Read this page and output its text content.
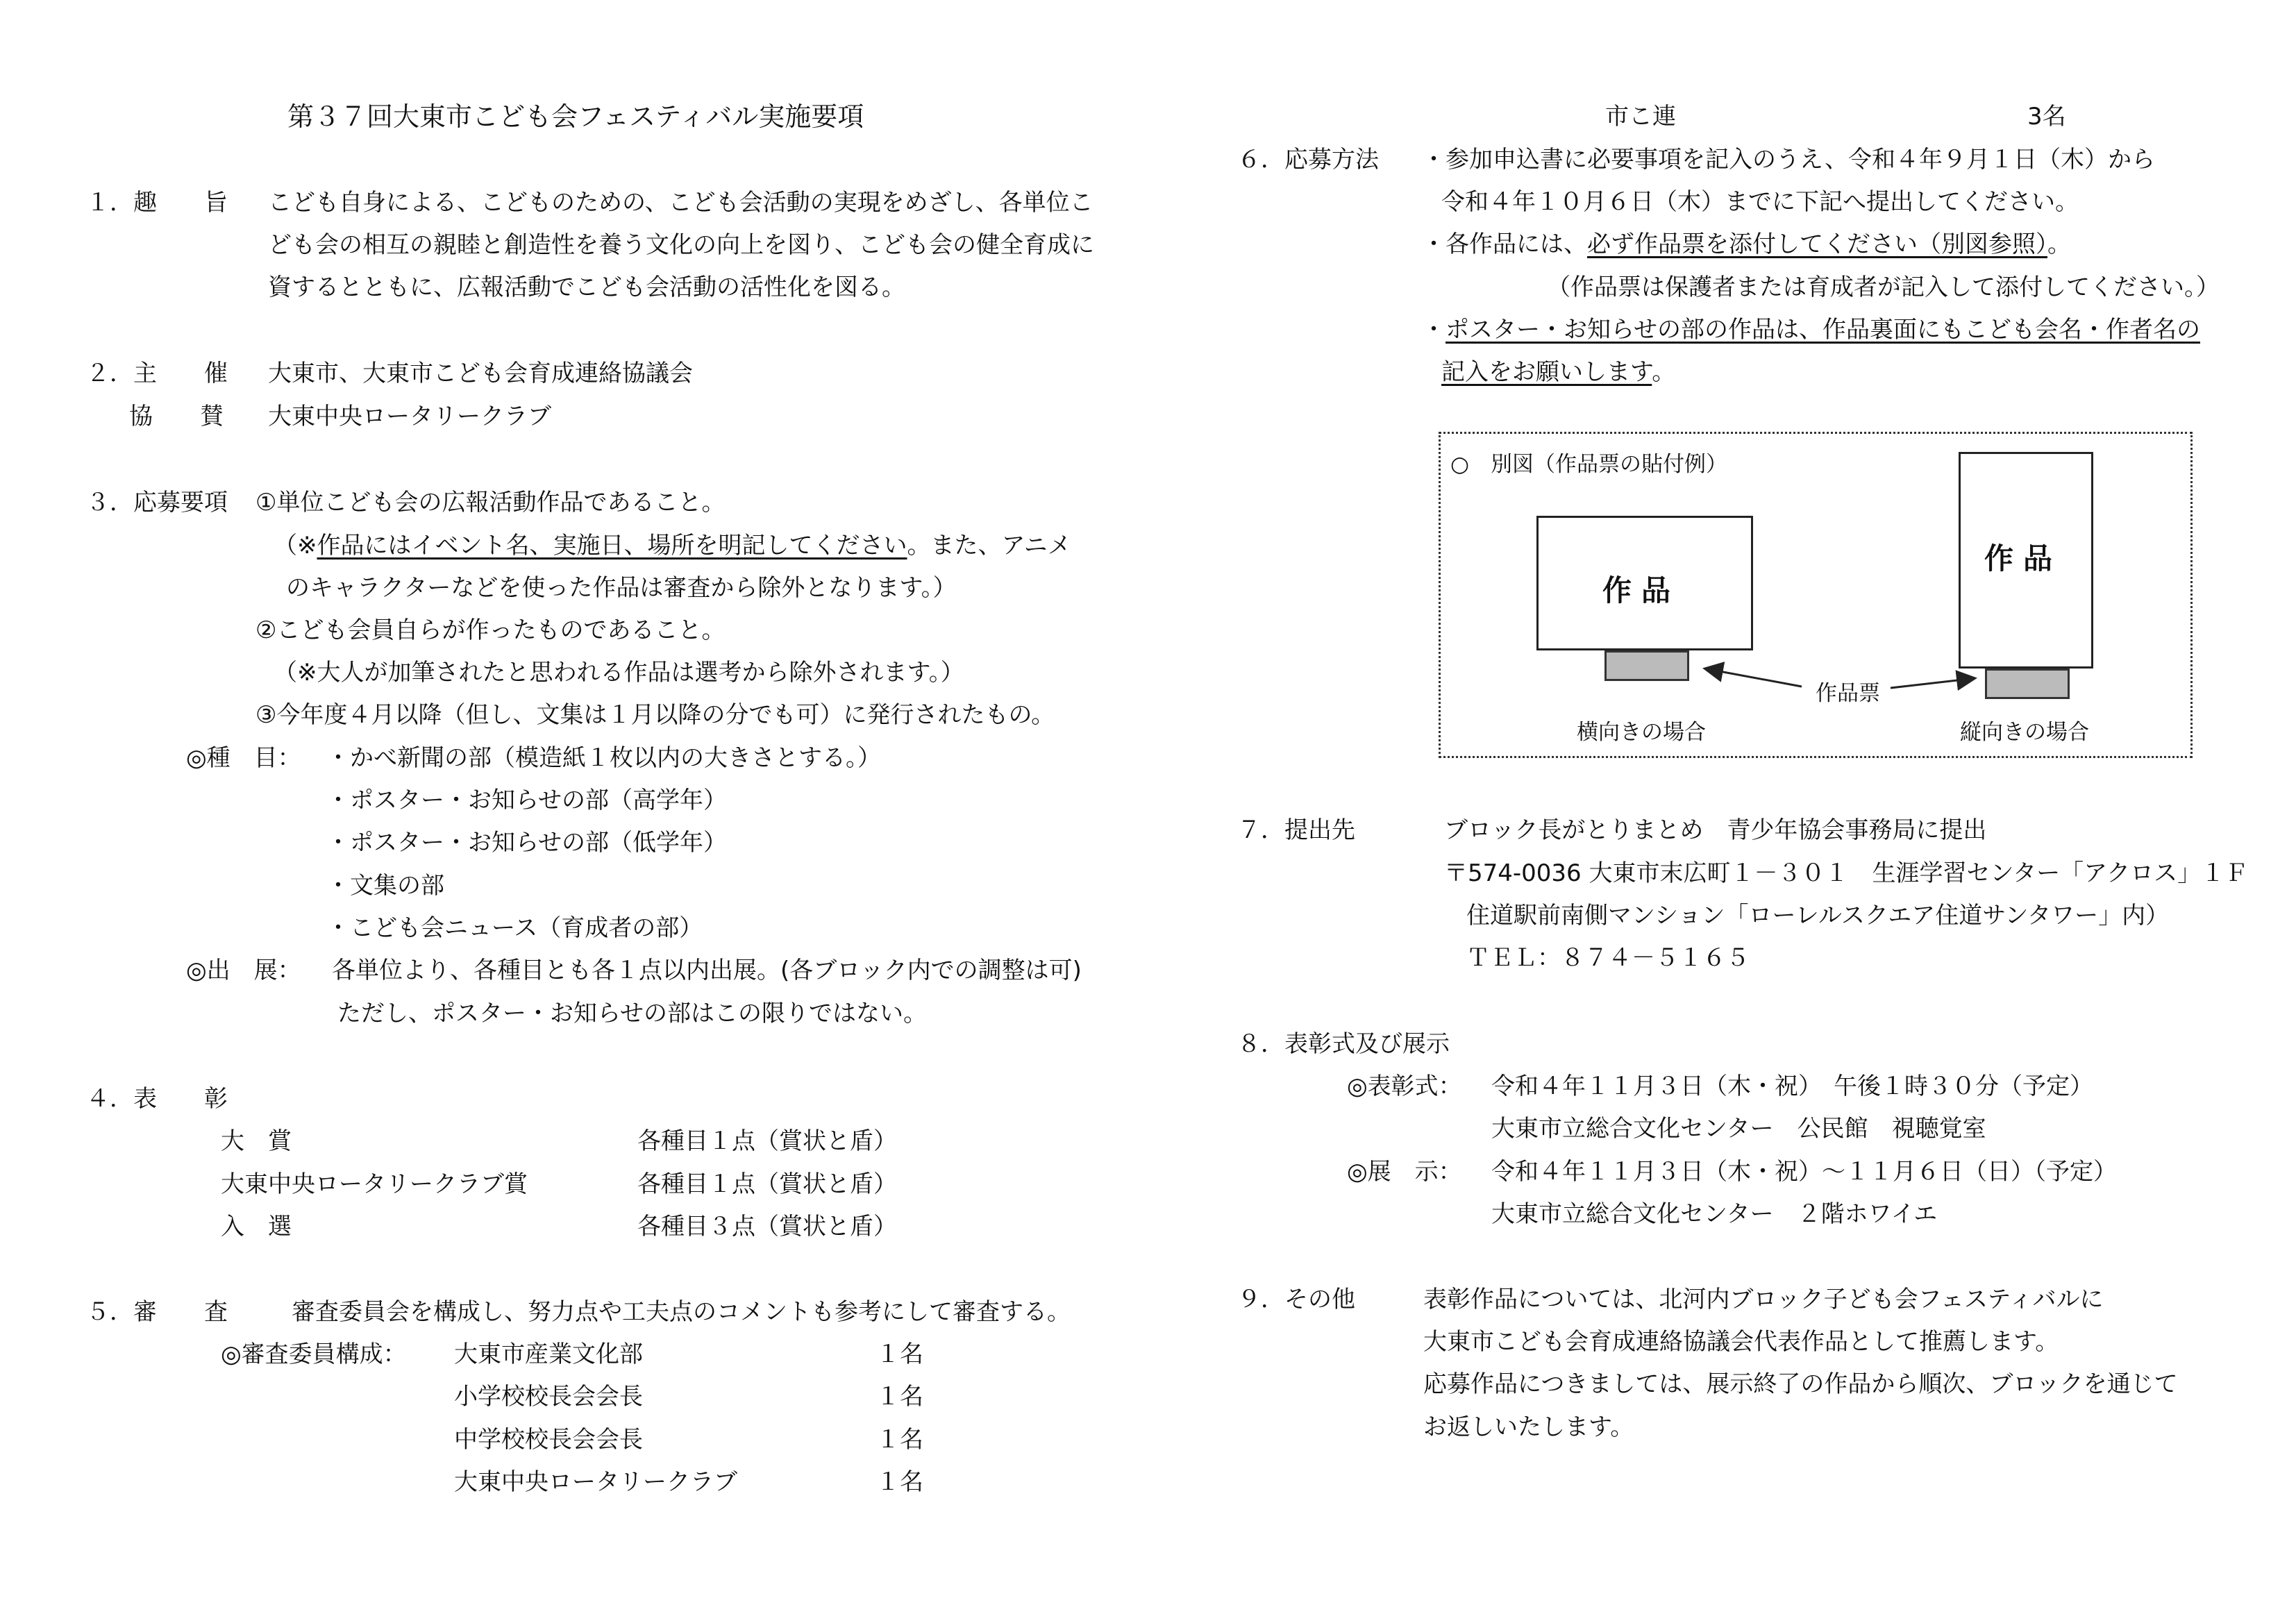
第３７回大東市こども会フェスティバル実施要項
１．趣　　旨 こども自身による、こどものための、こども会活動の実現をめざし、各単位こ
ども会の相互の親睦と創造性を養う文化の向上を図り、こども会の健全育成に
資するとともに、広報活動でこども会活動の活性化を図る。
２．主　　催 大東市、大東市こども会育成連絡協議会
協　　賛 大東中央ロータリークラブ
３．応募要項 ①単位こども会の広報活動作品であること。
（※作品にはイベント名、実施日、場所を明記してください。また、アニメ
のキャラクターなどを使った作品は審査から除外となります。）
②こども会員自らが作ったものであること。
（※大人が加筆されたと思われる作品は選考から除外されます。）
③今年度４月以降（但し、文集は１月以降の分でも可）に発行されたもの。
◎種　目： ・かべ新聞の部（模造紙１枚以内の大きさとする。）
・ポスター・お知らせの部（高学年）
・ポスター・お知らせの部（低学年）
・文集の部
・こども会ニュース（育成者の部）
◎出　展： 各単位より、各種目とも各１点以内出展。(各ブロック内での調整は可)
ただし、ポスター・お知らせの部はこの限りではない。
４．表　　彰
大　賞	各種目１点（賞状と盾）
大東中央ロータリークラブ賞	各種目１点（賞状と盾）
入　選	各種目３点（賞状と盾）
５．審　　査	審査委員会を構成し、努力点や工夫点のコメントも参考にして審査する。
◎審査委員構成： 大東市産業文化部	１名
小学校校長会会長	１名
中学校校長会会長	１名
大東中央ロータリークラブ	１名
市こ連	3名
６．応募方法 ・参加申込書に必要事項を記入のうえ、令和４年９月１日（木）から
令和４年１０月６日（木）までに下記へ提出してください。
・各作品には、必ず作品票を添付してください（別図参照）。
（作品票は保護者または育成者が記入して添付してください。）
・ポスター・お知らせの部の作品は、作品裏面にもこども会名・作者名の
記入をお願いします。
○　別図（作品票の貼付例）
作品
作品
作品票
横向きの場合	縦向きの場合
７．提出先	ブロック長がとりまとめ　青少年協会事務局に提出
〒574-0036 大東市末広町１－３０１　生涯学習センター「アクロス」１Ｆ
住道駅前南側マンション「ローレルスクエア住道サンタワー」内）
ＴＥＬ：８７４－５１６５
８．表彰式及び展示
◎表彰式： 令和４年１１月３日（木・祝）　午後１時３０分（予定）
大東市立総合文化センター　公民館　視聴覚室
◎展　示： 令和４年１１月３日（木・祝）～１１月６日（日）（予定）
大東市立総合文化センター　２階ホワイエ
９．その他	表彰作品については、北河内ブロック子ども会フェスティバルに
大東市こども会育成連絡協議会代表作品として推薦します。
応募作品につきましては、展示終了の作品から順次、ブロックを通じて
お返しいたします。
